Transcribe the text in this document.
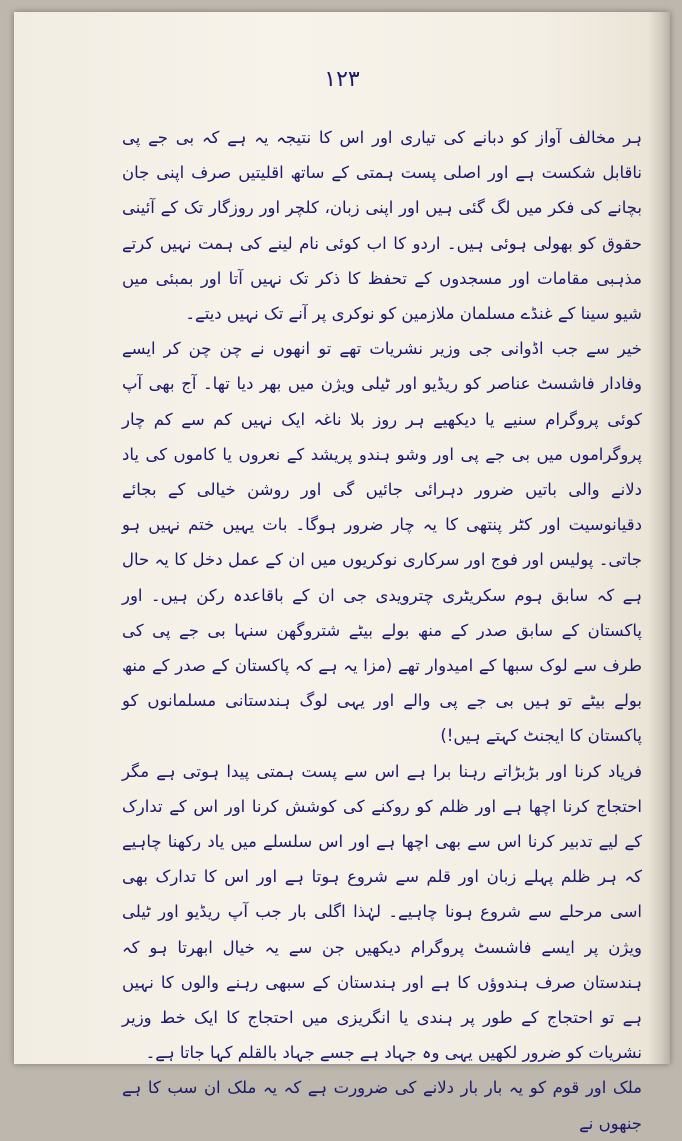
۱۲۳

ہر مخالف آواز کو دبانے کی تیاری اور اس کا نتیجہ یہ ہے کہ بی جے پی ناقابل شکست ہے اور اصلی پست ہمتی کے ساتھ اقلیتیں صرف اپنی جان بچانے کی فکر میں لگ گئی ہیں اور اپنی زبان، کلچر اور روزگار تک کے آئینی حقوق کو بھولی ہوئی ہیں۔ اردو کا اب کوئی نام لینے کی ہمت نہیں کرتے مذہبی مقامات اور مسجدوں کے تحفظ کا ذکر تک نہیں آتا اور بمبئی میں شیو سینا کے غنڈے مسلمان ملازمین کو نوکری پر آنے تک نہیں دیتے۔

خیر سے جب اڈوانی جی وزیر نشریات تھے تو انھوں نے چن چن کر ایسے وفادار فاشسٹ عناصر کو ریڈیو اور ٹیلی ویژن میں بھر دیا تھا۔ آج بھی آپ کوئی پروگرام سنیے یا دیکھیے ہر روز بلا ناغہ ایک نہیں کم سے کم چار پروگراموں میں بی جے پی اور وشو ہندو پریشد کے نعروں یا کاموں کی یاد دلانے والی باتیں ضرور دہرائی جائیں گی اور روشن خیالی کے بجائے دقیانوسیت اور کٹر پنتھی کا یہ چار ضرور ہوگا۔ بات یہیں ختم نہیں ہو جاتی۔ پولیس اور فوج اور سرکاری نوکریوں میں ان کے عمل دخل کا یہ حال ہے کہ سابق ہوم سکریٹری چترویدی جی ان کے باقاعدہ رکن ہیں۔ اور پاکستان کے سابق صدر کے منھ بولے بیٹے شتروگھن سنہا بی جے پی کی طرف سے لوک سبھا کے امیدوار تھے (مزا یہ ہے کہ پاکستان کے صدر کے منھ بولے بیٹے تو ہیں بی جے پی والے اور یہی لوگ ہندستانی مسلمانوں کو پاکستان کا ایجنٹ کہتے ہیں!)

فریاد کرنا اور بڑبڑاتے رہنا برا ہے اس سے پست ہمتی پیدا ہوتی ہے مگر احتجاج کرنا اچھا ہے اور ظلم کو روکنے کی کوشش کرنا اور اس کے تدارک کے لیے تدبیر کرنا اس سے بھی اچھا ہے اور اس سلسلے میں یاد رکھنا چاہیے کہ ہر ظلم پہلے زبان اور قلم سے شروع ہوتا ہے اور اس کا تدارک بھی اسی مرحلے سے شروع ہونا چاہیے۔ لہٰذا اگلی بار جب آپ ریڈیو اور ٹیلی ویژن پر ایسے فاشسٹ پروگرام دیکھیں جن سے یہ خیال ابھرتا ہو کہ ہندستان صرف ہندوؤں کا ہے اور ہندستان کے سبھی رہنے والوں کا نہیں ہے تو احتجاج کے طور پر ہندی یا انگریزی میں احتجاج کا ایک خط وزیر نشریات کو ضرور لکھیں یہی وہ جہاد ہے جسے جہاد بالقلم کہا جاتا ہے۔

ملک اور قوم کو یہ بار بار دلانے کی ضرورت ہے کہ یہ ملک ان سب کا ہے جنھوں نے
